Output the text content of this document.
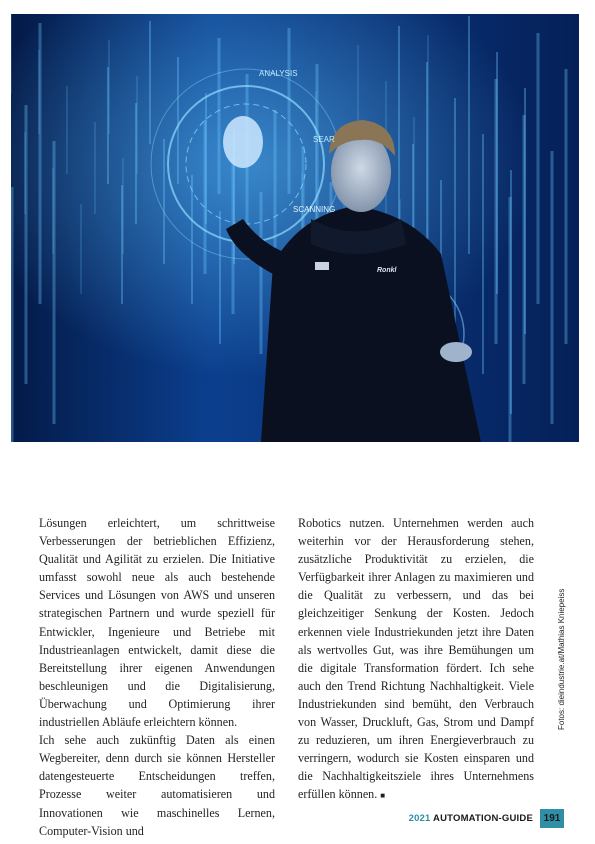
ANALYSIS
SEAR
SCANNING
Ronkl

Lösungen erleichtert, um schrittweise Verbesserungen der betrieblichen Effizienz, Qualität und Agilität zu erzielen. Die Initiative umfasst sowohl neue als auch bestehende Services und Lösungen von AWS und unseren strategischen Partnern und wurde speziell für Entwickler, Ingenieure und Betriebe mit Industrieanlagen entwickelt, damit diese die Bereitstellung ihrer eigenen Anwendungen beschleunigen und die Digitalisierung, Überwachung und Optimierung ihrer industriellen Abläufe erleichtern können.

Ich sehe auch zukünftig Daten als einen Wegbereiter, denn durch sie können Hersteller datengesteuerte Entscheidungen treffen, Prozesse weiter automatisieren und Innovationen wie maschinelles Lernen, Computer-Vision und

Robotics nutzen. Unternehmen werden auch weiterhin vor der Herausforderung stehen, zusätzliche Produktivität zu erzielen, die Verfügbarkeit ihrer Anlagen zu maximieren und die Qualität zu verbessern, und das bei gleichzeitiger Senkung der Kosten. Jedoch erkennen viele Industriekunden jetzt ihre Daten als wertvolles Gut, was ihre Bemühungen um die digitale Transformation fördert. Ich sehe auch den Trend Richtung Nachhaltigkeit. Viele Industriekunden sind bemüht, den Verbrauch von Wasser, Druckluft, Gas, Strom und Dampf zu reduzieren, um ihren Energieverbrauch zu verringern, wodurch sie Kosten einsparen und die Nachhaltigkeitsziele ihres Unternehmens erfüllen können. ■

Fotos: dieindustrie.at/Mathias Kniepeiss
2021 AUTOMATION-GUIDE	191
